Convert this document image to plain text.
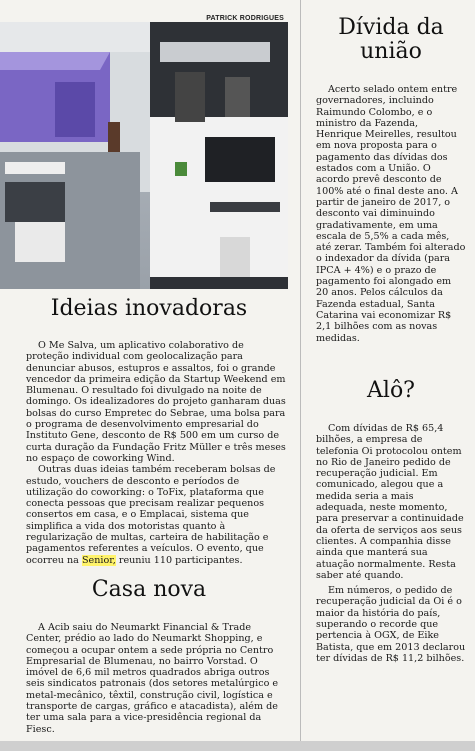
PATRICK RODRIGUES
Ideias inovadoras

O Me Salva, um aplicativo colaborativo de proteção individual com geolocalização para denunciar abusos, estupros e assaltos, foi o grande vencedor da primeira edição da Startup Weekend em Blumenau. O resultado foi divulgado na noite de domingo. Os idealizadores do projeto ganharam duas bolsas do curso Empretec do Sebrae, uma bolsa para o programa de desenvolvimento empresarial do Instituto Gene, desconto de R$ 500 em um curso de curta duração da Fundação Fritz Müller e três meses no espaço de coworking Wind.

Outras duas ideias também receberam bolsas de estudo, vouchers de desconto e períodos de utilização do coworking: o ToFix, plataforma que conecta pessoas que precisam realizar pequenos consertos em casa, e o Emplacai, sistema que simplifica a vida dos motoristas quanto à regularização de multas, carteira de habilitação e pagamentos referentes a veículos. O evento, que ocorreu na Senior, reuniu 110 participantes.

Casa nova

A Acib saiu do Neumarkt Financial & Trade Center, prédio ao lado do Neumarkt Shopping, e começou a ocupar ontem a sede própria no Centro Empresarial de Blumenau, no bairro Vorstad. O imóvel de 6,6 mil metros quadrados abriga outros seis sindicatos patronais (dos setores metalúrgico e metal-mecânico, têxtil, construção civil, logística e transporte de cargas, gráfico e atacadista), além de ter uma sala para a vice-presidência regional da Fiesc.

Dívida da união

Acerto selado ontem entre governadores, incluindo Raimundo Colombo, e o ministro da Fazenda, Henrique Meirelles, resultou em nova proposta para o pagamento das dívidas dos estados com a União. O acordo prevê desconto de 100% até o final deste ano. A partir de janeiro de 2017, o desconto vai diminuindo gradativamente, em uma escala de 5,5% a cada mês, até zerar. Também foi alterado o indexador da dívida (para IPCA + 4%) e o prazo de pagamento foi alongado em 20 anos. Pelos cálculos da Fazenda estadual, Santa Catarina vai economizar R$ 2,1 bilhões com as novas medidas.

Alô?

Com dívidas de R$ 65,4 bilhões, a empresa de telefonia Oi protocolou ontem no Rio de Janeiro pedido de recuperação judicial. Em comunicado, alegou que a medida seria a mais adequada, neste momento, para preservar a continuidade da oferta de serviços aos seus clientes. A companhia disse ainda que manterá sua atuação normalmente. Resta saber até quando.

Em números, o pedido de recuperação judicial da Oi é o maior da história do país, superando o recorde que pertencia à OGX, de Eike Batista, que em 2013 declarou ter dívidas de R$ 11,2 bilhões.
